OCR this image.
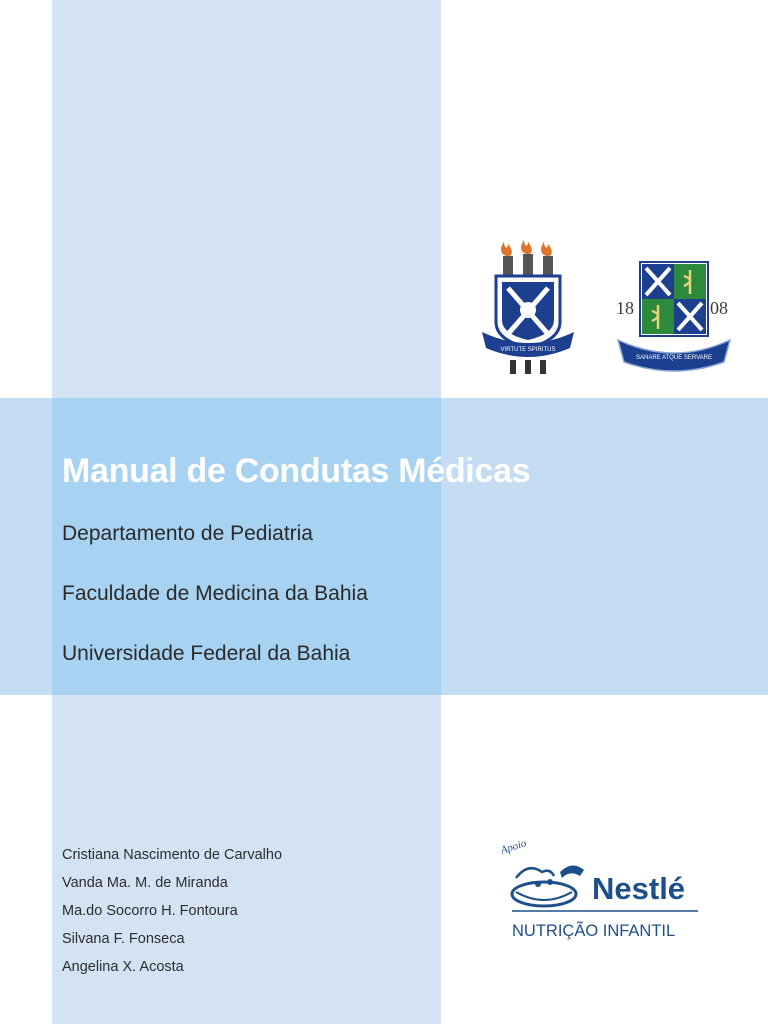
VIRTUTE SPIRITUS
18	08
SANARE ATQUE SERVARE
Manual de Condutas Médicas

Departamento de Pediatria

Faculdade de Medicina da Bahia

Universidade Federal da Bahia

Cristiana Nascimento de Carvalho
Vanda Ma. M. de Miranda
Ma.do Socorro H. Fontoura
Silvana F. Fonseca
Angelina X. Acosta
Apoio
Nestlé
NUTRIÇÃO INFANTIL
